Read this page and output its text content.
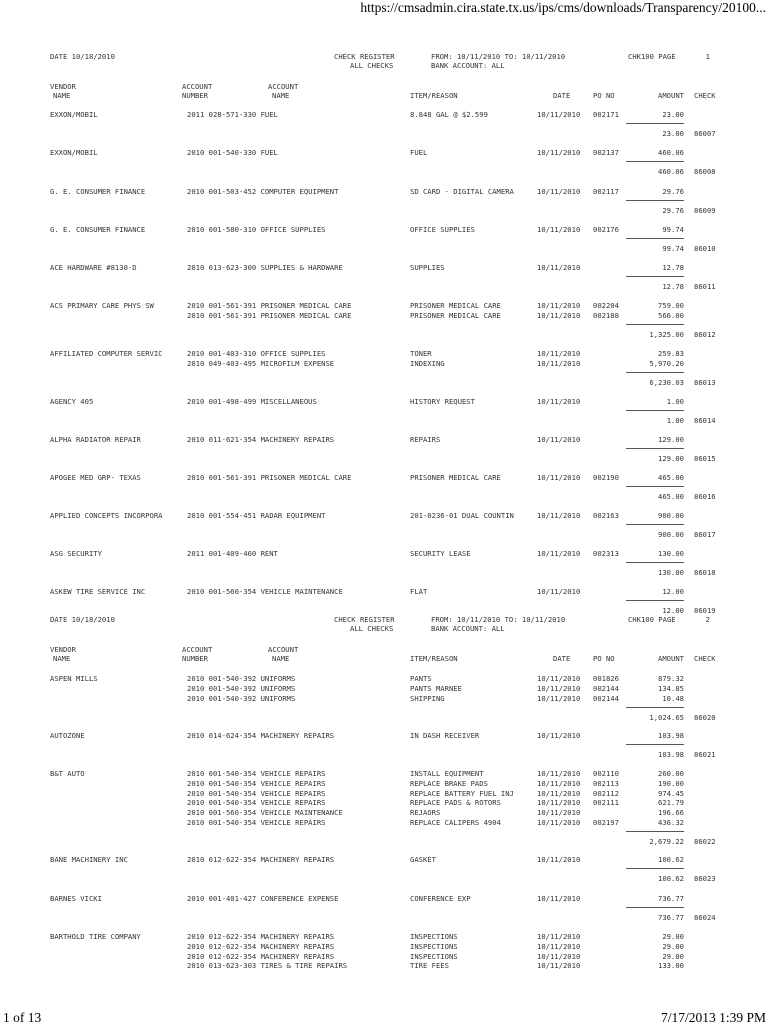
https://cmsadmin.cira.state.tx.us/ips/cms/downloads/Transparency/20100...
DATE 10/18/2010	CHECK REGISTER	FROM: 10/11/2010 TO: 10/11/2010	CHK100 PAGE	1
ALL CHECKS	BANK ACCOUNT: ALL
VENDOR
NAME
ACCOUNT
NUMBER
ACCOUNT
NAME	ITEM/REASON	DATE	PO NO	AMOUNT CHECK
EXXON/MOBIL	2011 028-571-330 FUEL	8.848 GAL @ $2.599	10/11/2010 002171	23.00
23.00 86007
EXXON/MOBIL	2010 001-540-330 FUEL	FUEL	10/11/2010 002137	460.06
460.06 86008
G. E. CONSUMER FINANCE	2010 001-503-452 COMPUTER EQUIPMENT	SD CARD - DIGITAL CAMERA	10/11/2010 002117	29.76
29.76 86009
G. E. CONSUMER FINANCE	2010 001-580-310 OFFICE SUPPLIES	OFFICE SUPPLIES	10/11/2010 002176	99.74
99.74 86010
ACE HARDWARE #8130-D	2010 013-623-300 SUPPLIES & HARDWARE	SUPPLIES	10/11/2010	12.78
12.78 86011
ACS PRIMARY CARE PHYS SW	2010 001-561-391 PRISONER MEDICAL CARE	PRISONER MEDICAL CARE	10/11/2010 002204	759.00
2010 001-561-391 PRISONER MEDICAL CARE	PRISONER MEDICAL CARE	10/11/2010 002188	566.00
1,325.00 86012
AFFILIATED COMPUTER SERVIC	2010 001-403-310 OFFICE SUPPLIES	TONER	10/11/2010	259.83
2010 049-403-495 MICROFILM EXPENSE	INDEXING	10/11/2010	5,970.20
6,230.03 86013
AGENCY 405	2010 001-498-499 MISCELLANEOUS	HISTORY REQUEST	10/11/2010	1.00
1.00 86014
ALPHA RADIATOR REPAIR	2010 011-621-354 MACHINERY REPAIRS	REPAIRS	10/11/2010	129.00
129.00 86015
APOGEE MED GRP- TEXAS	2010 001-561-391 PRISONER MEDICAL CARE	PRISONER MEDICAL CARE	10/11/2010 002190	465.00
465.00 86016
APPLIED CONCEPTS INCORPORA	2010 001-554-451 RADAR EQUIPMENT	201-0236-01 DUAL COUNTIN	10/11/2010 002163	900.00
900.00 86017
ASG SECURITY	2011 001-409-460 RENT	SECURITY LEASE	10/11/2010 002313	130.00
130.00 86018
ASKEW TIRE SERVICE INC	2010 001-560-354 VEHICLE MAINTENANCE	FLAT	10/11/2010	12.00
12.00 86019
DATE 10/18/2010	CHECK REGISTER	FROM: 10/11/2010 TO: 10/11/2010	CHK100 PAGE	2
ALL CHECKS	BANK ACCOUNT: ALL
VENDOR
NAME
ACCOUNT
NUMBER
ACCOUNT
NAME	ITEM/REASON	DATE	PO NO	AMOUNT CHECK
ASPEN MILLS	2010 001-540-392 UNIFORMS	PANTS	10/11/2010 001826	879.32
2010 001-540-392 UNIFORMS	PANTS MARNEE	10/11/2010 002144	134.85
2010 001-540-392 UNIFORMS	SHIPPING	10/11/2010 002144	10.48
1,024.65 86020
AUTOZONE	2010 014-624-354 MACHINERY REPAIRS	IN DASH RECEIVER	10/11/2010	103.98
103.98 86021
B&T AUTO	2010 001-540-354 VEHICLE REPAIRS	INSTALL EQUIPMENT	10/11/2010 002110	260.00
2010 001-540-354 VEHICLE REPAIRS	REPLACE BRAKE PADS	10/11/2010 002113	190.00
2010 001-540-354 VEHICLE REPAIRS	REPLACE BATTERY FUEL INJ	10/11/2010 002112	974.45
2010 001-540-354 VEHICLE REPAIRS	REPLACE PADS & ROTORS	10/11/2010 002111	621.79
2010 001-560-354 VEHICLE MAINTENANCE	REJAORS	10/11/2010	196.66
2010 001-540-354 VEHICLE REPAIRS	REPLACE CALIPERS 4904	10/11/2010 002197	436.32
2,679.22 86022
BANE MACHINERY INC	2010 012-622-354 MACHINERY REPAIRS	GASKET	10/11/2010	100.62
100.62 86023
BARNES VICKI	2010 001-401-427 CONFERENCE EXPENSE	CONFERENCE EXP	10/11/2010	736.77
736.77 86024
BARTHOLD TIRE COMPANY	2010 012-622-354 MACHINERY REPAIRS	INSPECTIONS	10/11/2010	29.00
2010 012-622-354 MACHINERY REPAIRS	INSPECTIONS	10/11/2010	29.00
2010 012-622-354 MACHINERY REPAIRS	INSPECTIONS	10/11/2010	29.00
2010 013-623-303 TIRES & TIRE REPAIRS	TIRE FEES	10/11/2010	133.00
1 of 13	7/17/2013 1:39 PM
